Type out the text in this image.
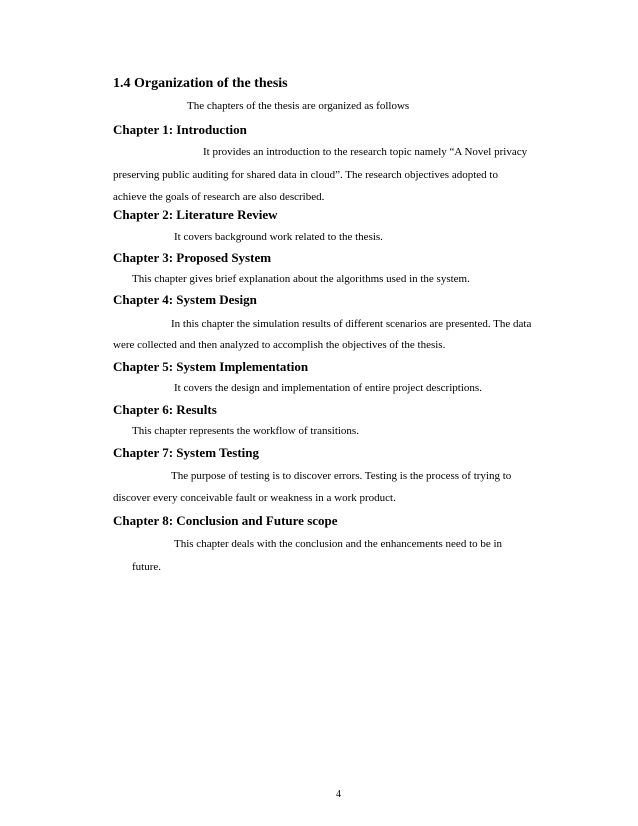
1.4 Organization of the thesis
The chapters of the thesis are organized as follows
Chapter 1: Introduction
It provides an introduction to the research topic namely “A Novel privacy
preserving public auditing for shared data in cloud”. The research objectives adopted to
achieve the goals of research are also described.
Chapter 2: Literature Review
It covers background work related to the thesis.
Chapter 3: Proposed System
This chapter gives brief explanation about the algorithms used in the system.
Chapter 4: System Design
In this chapter the simulation results of different scenarios are presented. The data
were collected and then analyzed to accomplish the objectives of the thesis.
Chapter 5: System Implementation
It covers the design and implementation of entire project descriptions.
Chapter 6: Results
This chapter represents the workflow of transitions.
Chapter 7: System Testing
The purpose of testing is to discover errors. Testing is the process of trying to
discover every conceivable fault or weakness in a work product.
Chapter 8: Conclusion and Future scope
This chapter deals with the conclusion and the enhancements need to be in
future.
4
